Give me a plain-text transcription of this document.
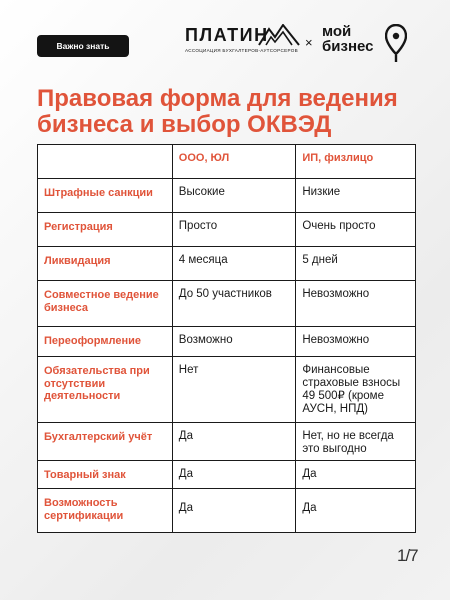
Важно знать
ПЛАТИН
АССОЦИАЦИЯ БУХГАЛТЕРОВ-АУТСОРСЕРОВ
×
мой
бизнес
Правовая форма для ведения бизнеса и выбор ОКВЭД
	ООО, ЮЛ	ИП, физлицо
Штрафные санкции	Высокие	Низкие
Регистрация	Просто	Очень просто
Ликвидация	4 месяца	5 дней
Совместное ведение бизнеса	До 50 участников	Невозможно
Переоформление	Возможно	Невозможно
Обязательства при отсутствии деятельности	Нет	Финансовые страховые взносы 49 500₽ (кроме АУСН, НПД)
Бухгалтерский учёт	Да	Нет, но не всегда это выгодно
Товарный знак	Да	Да
Возможность сертификации	Да	Да
1/7
